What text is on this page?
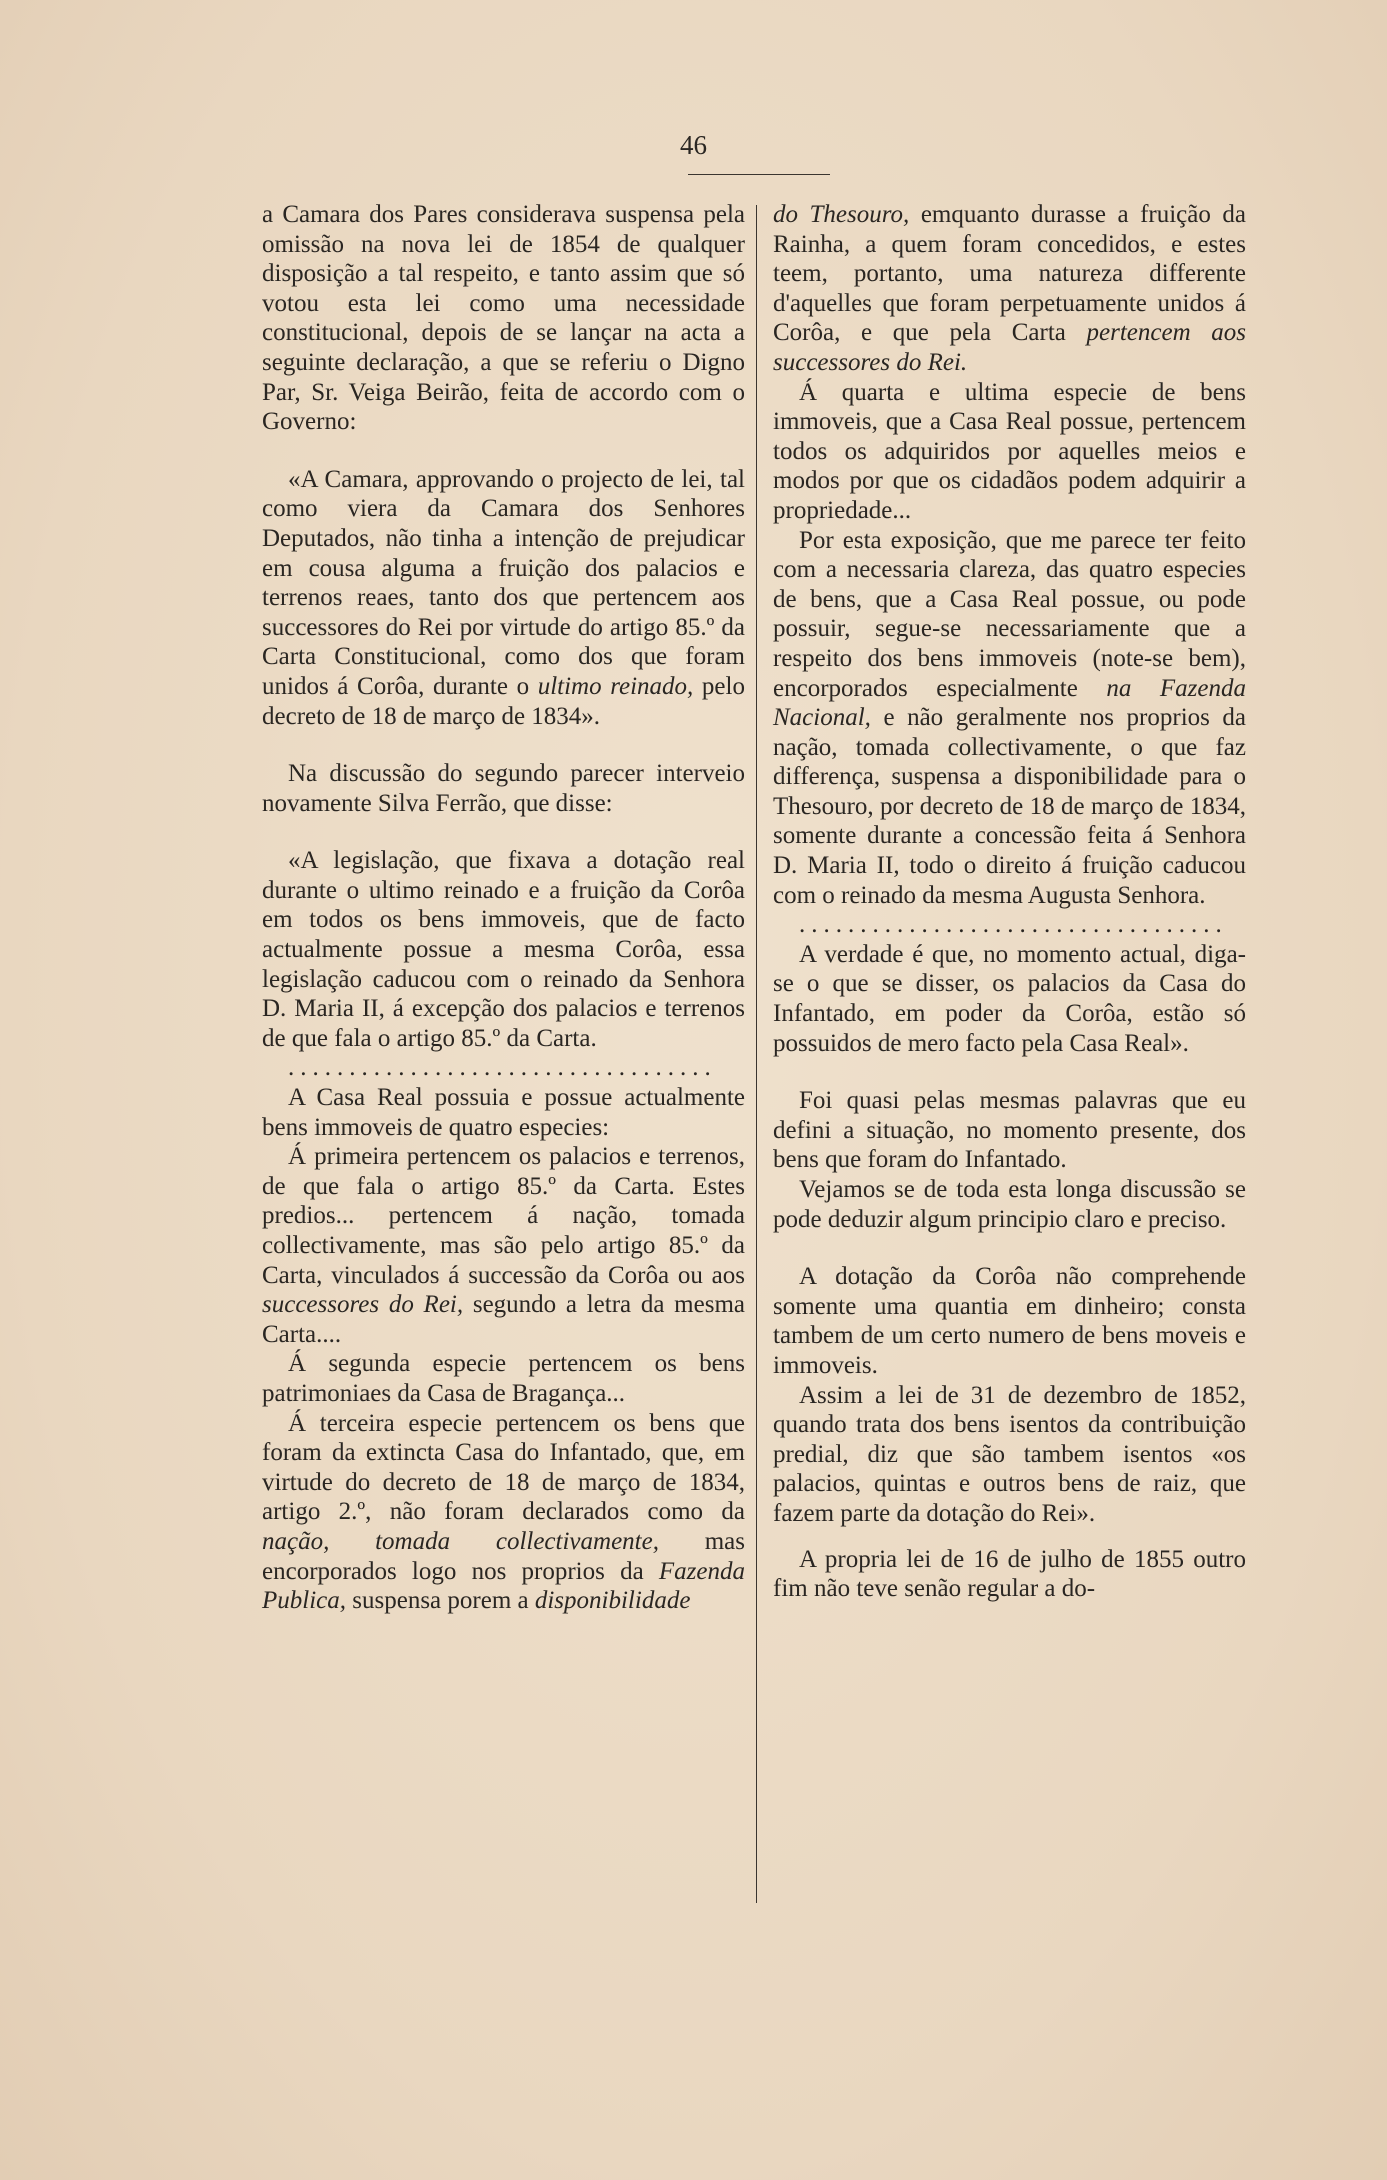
46

a Camara dos Pares considerava suspensa pela omissão na nova lei de 1854 de qualquer disposição a tal respeito, e tanto assim que só votou esta lei como uma necessidade constitucional, depois de se lançar na acta a seguinte declaração, a que se referiu o Digno Par, Sr. Veiga Beirão, feita de accordo com o Governo:

«A Camara, approvando o projecto de lei, tal como viera da Camara dos Senhores Deputados, não tinha a intenção de prejudicar em cousa alguma a fruição dos palacios e terrenos reaes, tanto dos que pertencem aos successores do Rei por virtude do artigo 85.º da Carta Constitucional, como dos que foram unidos á Corôa, durante o ultimo reinado, pelo decreto de 18 de março de 1834».

Na discussão do segundo parecer interveio novamente Silva Ferrão, que disse:

«A legislação, que fixava a dotação real durante o ultimo reinado e a fruição da Corôa em todos os bens immoveis, que de facto actualmente possue a mesma Corôa, essa legislação caducou com o reinado da Senhora D. Maria II, á excepção dos palacios e terrenos de que fala o artigo 85.º da Carta.

...................................

A Casa Real possuia e possue actualmente bens immoveis de quatro especies:

Á primeira pertencem os palacios e terrenos, de que fala o artigo 85.º da Carta. Estes predios... pertencem á nação, tomada collectivamente, mas são pelo artigo 85.º da Carta, vinculados á successão da Corôa ou aos successores do Rei, segundo a letra da mesma Carta....

Á segunda especie pertencem os bens patrimoniaes da Casa de Bragança...

Á terceira especie pertencem os bens que foram da extincta Casa do Infantado, que, em virtude do decreto de 18 de março de 1834, artigo 2.º, não foram declarados como da nação, tomada collectivamente, mas encorporados logo nos proprios da Fazenda Publica, suspensa porem a disponibilidade

do Thesouro, emquanto durasse a fruição da Rainha, a quem foram concedidos, e estes teem, portanto, uma natureza differente d'aquelles que foram perpetuamente unidos á Corôa, e que pela Carta pertencem aos successores do Rei.

Á quarta e ultima especie de bens immoveis, que a Casa Real possue, pertencem todos os adquiridos por aquelles meios e modos por que os cidadãos podem adquirir a propriedade...

Por esta exposição, que me parece ter feito com a necessaria clareza, das quatro especies de bens, que a Casa Real possue, ou pode possuir, segue-se necessariamente que a respeito dos bens immoveis (note-se bem), encorporados especialmente na Fazenda Nacional, e não geralmente nos proprios da nação, tomada collectivamente, o que faz differença, suspensa a disponibilidade para o Thesouro, por decreto de 18 de março de 1834, somente durante a concessão feita á Senhora D. Maria II, todo o direito á fruição caducou com o reinado da mesma Augusta Senhora.

...................................

A verdade é que, no momento actual, diga-se o que se disser, os palacios da Casa do Infantado, em poder da Corôa, estão só possuidos de mero facto pela Casa Real».

Foi quasi pelas mesmas palavras que eu defini a situação, no momento presente, dos bens que foram do Infantado.

Vejamos se de toda esta longa discussão se pode deduzir algum principio claro e preciso.

A dotação da Corôa não comprehende somente uma quantia em dinheiro; consta tambem de um certo numero de bens moveis e immoveis.

Assim a lei de 31 de dezembro de 1852, quando trata dos bens isentos da contribuição predial, diz que são tambem isentos «os palacios, quintas e outros bens de raiz, que fazem parte da dotação do Rei».

A propria lei de 16 de julho de 1855 outro fim não teve senão regular a do-
